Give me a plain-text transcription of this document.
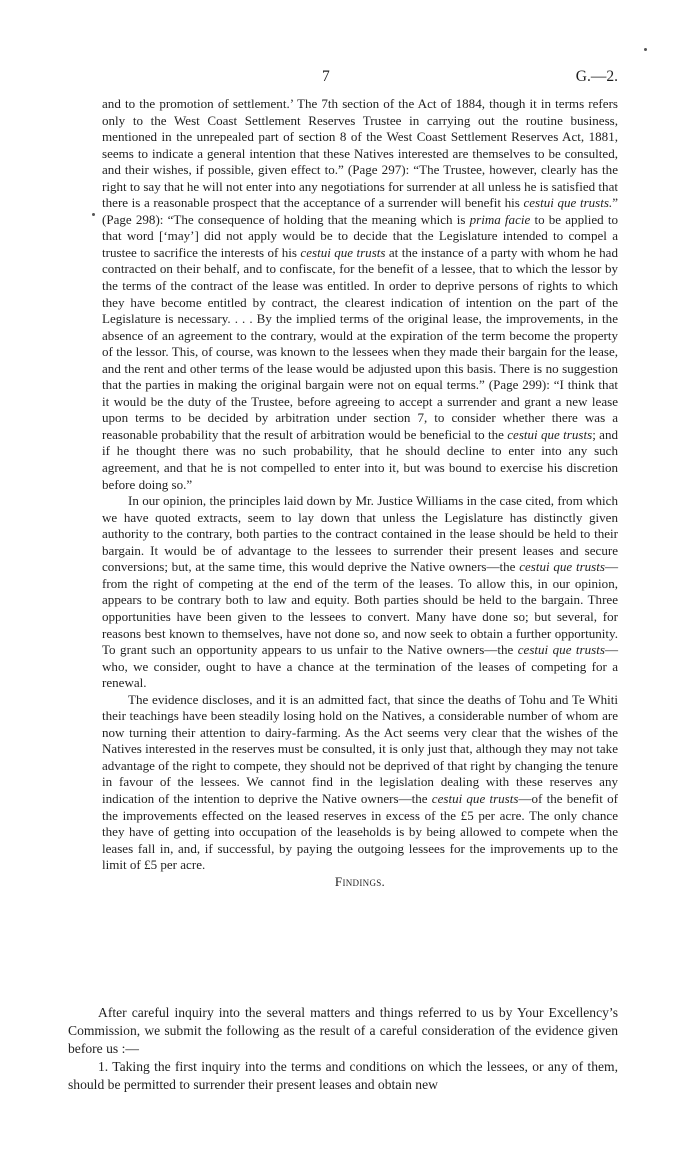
7	G.—2.

and to the promotion of settlement.’ The 7th section of the Act of 1884, though it in terms refers only to the West Coast Settlement Reserves Trustee in carrying out the routine business, mentioned in the unrepealed part of section 8 of the West Coast Settlement Reserves Act, 1881, seems to indicate a general intention that these Natives interested are themselves to be consulted, and their wishes, if possible, given effect to.” (Page 297): “The Trustee, however, clearly has the right to say that he will not enter into any negotiations for surrender at all unless he is satisfied that there is a reasonable prospect that the acceptance of a surrender will benefit his cestui que trusts.” (Page 298): “The consequence of holding that the meaning which is prima facie to be applied to that word [‘may’] did not apply would be to decide that the Legislature intended to compel a trustee to sacrifice the interests of his cestui que trusts at the instance of a party with whom he had contracted on their behalf, and to confiscate, for the benefit of a lessee, that to which the lessor by the terms of the contract of the lease was entitled. In order to deprive persons of rights to which they have become entitled by contract, the clearest indication of intention on the part of the Legislature is necessary. . . . By the implied terms of the original lease, the improvements, in the absence of an agreement to the contrary, would at the expiration of the term become the property of the lessor. This, of course, was known to the lessees when they made their bargain for the lease, and the rent and other terms of the lease would be adjusted upon this basis. There is no suggestion that the parties in making the original bargain were not on equal terms.” (Page 299): “I think that it would be the duty of the Trustee, before agreeing to accept a surrender and grant a new lease upon terms to be decided by arbitration under section 7, to consider whether there was a reasonable probability that the result of arbitration would be beneficial to the cestui que trusts; and if he thought there was no such probability, that he should decline to enter into any such agreement, and that he is not compelled to enter into it, but was bound to exercise his discretion before doing so.”

In our opinion, the principles laid down by Mr. Justice Williams in the case cited, from which we have quoted extracts, seem to lay down that unless the Legislature has distinctly given authority to the contrary, both parties to the contract contained in the lease should be held to their bargain. It would be of advantage to the lessees to surrender their present leases and secure conversions; but, at the same time, this would deprive the Native owners—the cestui que trusts—from the right of competing at the end of the term of the leases. To allow this, in our opinion, appears to be contrary both to law and equity. Both parties should be held to the bargain. Three opportunities have been given to the lessees to convert. Many have done so; but several, for reasons best known to themselves, have not done so, and now seek to obtain a further opportunity. To grant such an opportunity appears to us unfair to the Native owners—the cestui que trusts—who, we consider, ought to have a chance at the termination of the leases of competing for a renewal.

The evidence discloses, and it is an admitted fact, that since the deaths of Tohu and Te Whiti their teachings have been steadily losing hold on the Natives, a considerable number of whom are now turning their attention to dairy-farming. As the Act seems very clear that the wishes of the Natives interested in the reserves must be consulted, it is only just that, although they may not take advantage of the right to compete, they should not be deprived of that right by changing the tenure in favour of the lessees. We cannot find in the legislation dealing with these reserves any indication of the intention to deprive the Native owners—the cestui que trusts—of the benefit of the improvements effected on the leased reserves in excess of the £5 per acre. The only chance they have of getting into occupation of the leaseholds is by being allowed to compete when the leases fall in, and, if successful, by paying the outgoing lessees for the improvements up to the limit of £5 per acre.

Findings.

After careful inquiry into the several matters and things referred to us by Your Excellency’s Commission, we submit the following as the result of a careful consideration of the evidence given before us :—

1. Taking the first inquiry into the terms and conditions on which the lessees, or any of them, should be permitted to surrender their present leases and obtain new
